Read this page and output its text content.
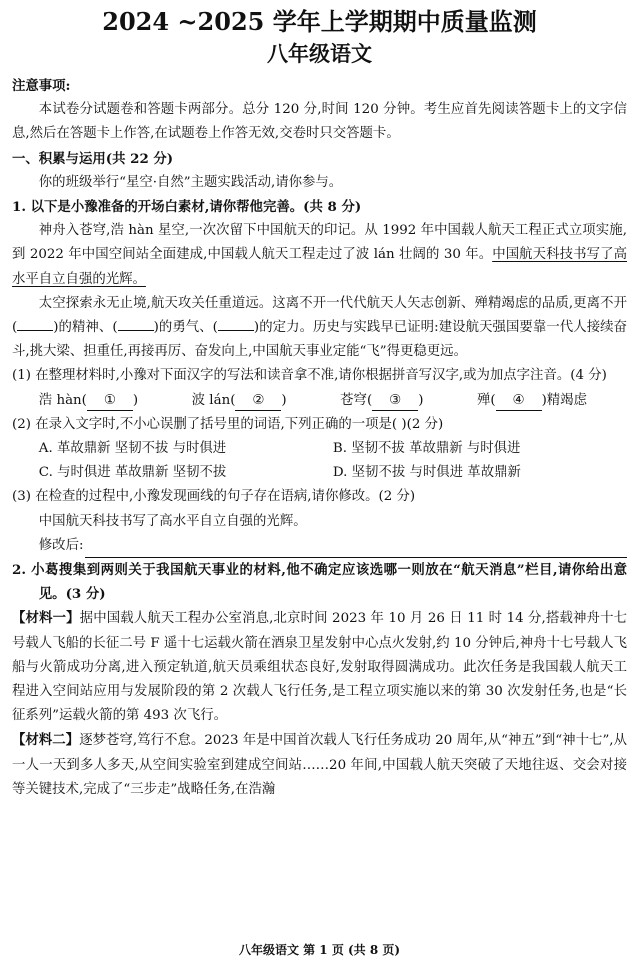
2024 ~2025 学年上学期期中质量监测
八年级语文

注意事项:

本试卷分试题卷和答题卡两部分。总分 120 分,时间 120 分钟。考生应首先阅读答题卡上的文字信息,然后在答题卡上作答,在试题卷上作答无效,交卷时只交答题卡。

一、积累与运用(共 22 分)

你的班级举行“星空·自然”主题实践活动,请你参与。

1. 以下是小豫准备的开场白素材,请你帮他完善。(共 8 分)

神舟入苍穹,浩 hàn 星空,一次次留下中国航天的印记。从 1992 年中国载人航天工程正式立项实施,到 2022 年中国空间站全面建成,中国载人航天工程走过了波 lán 壮阔的 30 年。中国航天科技书写了高水平自立自强的光辉。

太空探索永无止境,航天攻关任重道远。这离不开一代代航天人矢志创新、殚精竭虑的品质,更离不开(	)的精神、(	)的勇气、(	)的定力。历史与实践早已证明:建设航天强国要靠一代人接续奋斗,挑大梁、担重任,再接再厉、奋发向上,中国航天事业定能“飞”得更稳更远。

(1) 在整理材料时,小豫对下面汉字的写法和读音拿不准,请你根据拼音写汉字,或为加点字注音。(4 分)

浩 hàn( ① )	波 lán( ② )	苍穹( ③ )	殚( ④ )精竭虑

(2) 在录入文字时,不小心误删了括号里的词语,下列正确的一项是( )(2 分)

A. 革故鼎新 坚韧不拔 与时俱进	B. 坚韧不拔 革故鼎新 与时俱进
C. 与时俱进 革故鼎新 坚韧不拔	D. 坚韧不拔 与时俱进 革故鼎新

(3) 在检查的过程中,小豫发现画线的句子存在语病,请你修改。(2 分)

中国航天科技书写了高水平自立自强的光辉。

修改后:

2. 小葛搜集到两则关于我国航天事业的材料,他不确定应该选哪一则放在“航天消息”栏目,请你给出意见。(3 分)

【材料一】据中国载人航天工程办公室消息,北京时间 2023 年 10 月 26 日 11 时 14 分,搭载神舟十七号载人飞船的长征二号 F 遥十七运载火箭在酒泉卫星发射中心点火发射,约 10 分钟后,神舟十七号载人飞船与火箭成功分离,进入预定轨道,航天员乘组状态良好,发射取得圆满成功。此次任务是我国载人航天工程进入空间站应用与发展阶段的第 2 次载人飞行任务,是工程立项实施以来的第 30 次发射任务,也是“长征系列”运载火箭的第 493 次飞行。

【材料二】逐梦苍穹,笃行不怠。2023 年是中国首次载人飞行任务成功 20 周年,从“神五”到“神十七”,从一人一天到多人多天,从空间实验室到建成空间站……20 年间,中国载人航天突破了天地往返、交会对接等关键技术,完成了“三步走”战略任务,在浩瀚

八年级语文 第 1 页 (共 8 页)
